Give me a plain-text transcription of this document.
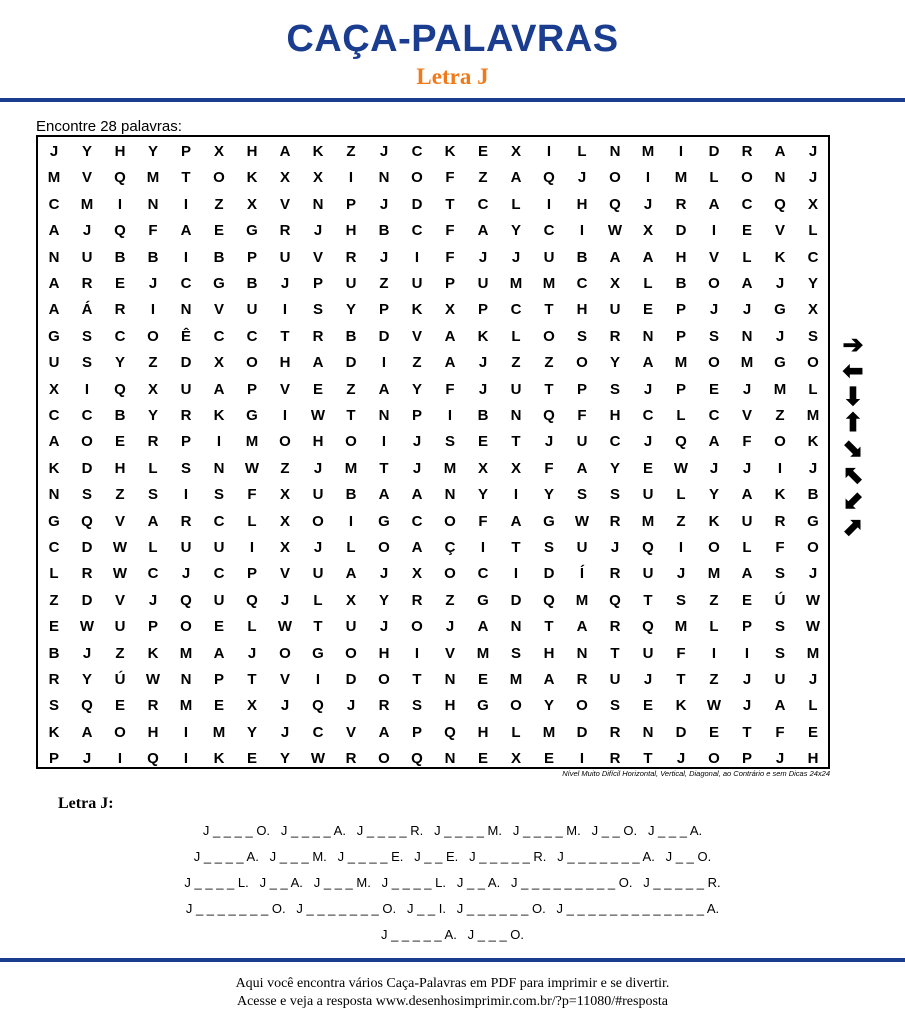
CAÇA-PALAVRAS
Letra J
Encontre 28 palavras:
J	Y	H	Y	P	X	H	A	K	Z	J	C	K	E	X	I	L	N	M	I	D	R	A	J
M	V	Q	M	T	O	K	X	X	I	N	O	F	Z	A	Q	J	O	I	M	L	O	N	J
C	M	I	N	I	Z	X	V	N	P	J	D	T	C	L	I	H	Q	J	R	A	C	Q	X
A	J	Q	F	A	E	G	R	J	H	B	C	F	A	Y	C	I	W	X	D	I	E	V	L
N	U	B	B	I	B	P	U	V	R	J	I	F	J	J	U	B	A	A	H	V	L	K	C
A	R	E	J	C	G	B	J	P	U	Z	U	P	U	M	M	C	X	L	B	O	A	J	Y
A	Á	R	I	N	V	U	I	S	Y	P	K	X	P	C	T	H	U	E	P	J	J	G	X
G	S	C	O	Ê	C	C	T	R	B	D	V	A	K	L	O	S	R	N	P	S	N	J	S
U	S	Y	Z	D	X	O	H	A	D	I	Z	A	J	Z	Z	O	Y	A	M	O	M	G	O
X	I	Q	X	U	A	P	V	E	Z	A	Y	F	J	U	T	P	S	J	P	E	J	M	L
C	C	B	Y	R	K	G	I	W	T	N	P	I	B	N	Q	F	H	C	L	C	V	Z	M
A	O	E	R	P	I	M	O	H	O	I	J	S	E	T	J	U	C	J	Q	A	F	O	K
K	D	H	L	S	N	W	Z	J	M	T	J	M	X	X	F	A	Y	E	W	J	J	I	J
N	S	Z	S	I	S	F	X	U	B	A	A	N	Y	I	Y	S	S	U	L	Y	A	K	B
G	Q	V	A	R	C	L	X	O	I	G	C	O	F	A	G	W	R	M	Z	K	U	R	G
C	D	W	L	U	U	I	X	J	L	O	A	Ç	I	T	S	U	J	Q	I	O	L	F	O
L	R	W	C	J	C	P	V	U	A	J	X	O	C	I	D	Í	R	U	J	M	A	S	J
Z	D	V	J	Q	U	Q	J	L	X	Y	R	Z	G	D	Q	M	Q	T	S	Z	E	Ú	W
E	W	U	P	O	E	L	W	T	U	J	O	J	A	N	T	A	R	Q	M	L	P	S	W
B	J	Z	K	M	A	J	O	G	O	H	I	V	M	S	H	N	T	U	F	I	I	S	M
R	Y	Ú	W	N	P	T	V	I	D	O	T	N	E	M	A	R	U	J	T	Z	J	U	J
S	Q	E	R	M	E	X	J	Q	J	R	S	H	G	O	Y	O	S	E	K	W	J	A	L
K	A	O	H	I	M	Y	J	C	V	A	P	Q	H	L	M	D	R	N	D	E	T	F	E
P	J	I	Q	I	K	E	Y	W	R	O	Q	N	E	X	E	I	R	T	J	O	P	J	H
Nível Muito Difícil Horizontal, Vertical, Diagonal, ao Contrário e sem Dicas 24x24
➔
⬅
⬇
⬆
⬊
⬉
⬋
⬈
Letra J:
J _ _ _ _ O.   J _ _ _ _ A.   J _ _ _ _ R.   J _ _ _ _ M.   J _ _ _ _ M.   J _ _ O.   J _ _ _ A.
J _ _ _ _ A.   J _ _ _ M.   J _ _ _ _ E.   J _ _ E.   J _ _ _ _ _ R.   J _ _ _ _ _ _ _ A.   J _ _ O.
J _ _ _ _ L.   J _ _ A.   J _ _ _ M.   J _ _ _ _ L.   J _ _ A.   J _ _ _ _ _ _ _ _ _ O.   J _ _ _ _ _ R.
J _ _ _ _ _ _ _ O.   J _ _ _ _ _ _ _ O.   J _ _ I.   J _ _ _ _ _ _ O.   J _ _ _ _ _ _ _ _ _ _ _ _ _ A.
J _ _ _ _ _ A.   J _ _ _ O.
Aqui você encontra vários Caça-Palavras em PDF para imprimir e se divertir.
Acesse e veja a resposta www.desenhosimprimir.com.br/?p=11080/#resposta
